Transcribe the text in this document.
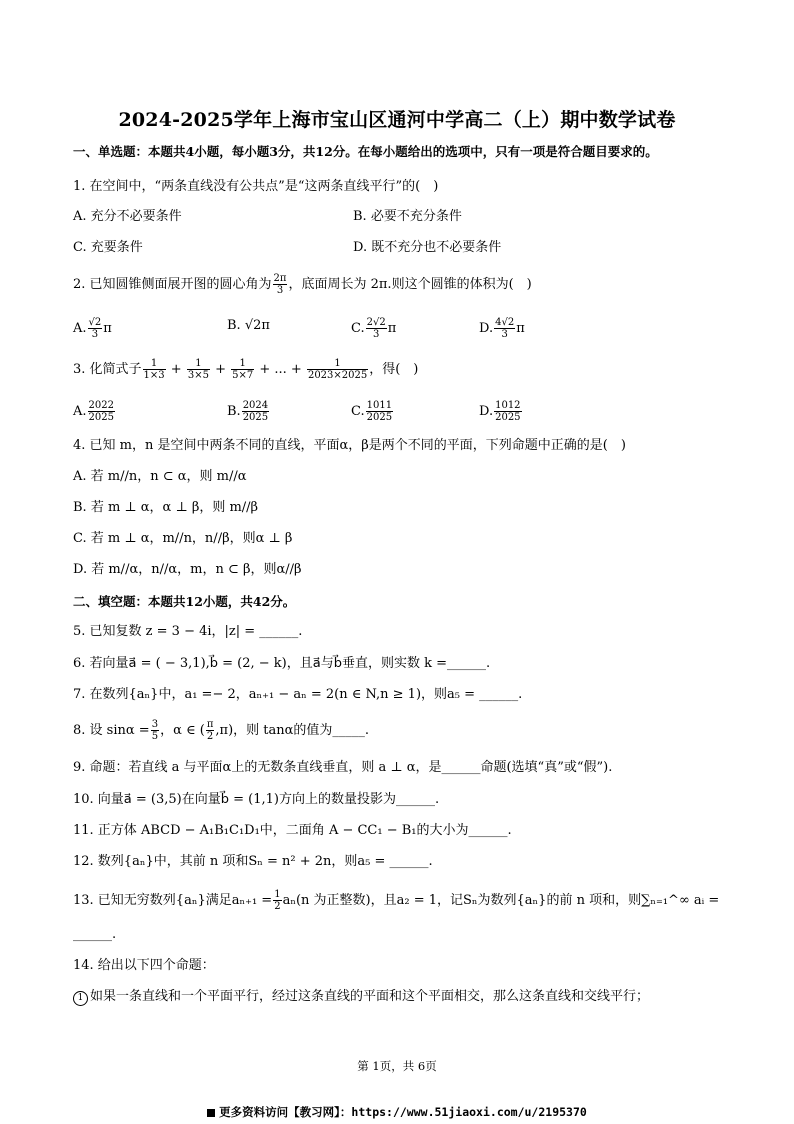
2024-2025学年上海市宝山区通河中学高二（上）期中数学试卷
一、单选题：本题共4小题，每小题3分，共12分。在每小题给出的选项中，只有一项是符合题目要求的。
1. 在空间中，“两条直线没有公共点”是“这两条直线平行”的(　)
A. 充分不必要条件	B. 必要不充分条件
C. 充要条件	D. 既不充分也不必要条件
2. 已知圆锥侧面展开图的圆心角为 $\frac{2\pi}{3}$ ，底面周长为 2π.则这个圆锥的体积为(　)
A. $\frac{√2}{3}$ π	B. √2π	C. $\frac{2√2}{3}$ π	D. $\frac{4√2}{3}$ π
3. 化简式子 $\frac{1}{1\times 3} + \frac{1}{3\times 5} + \frac{1}{5\times 7}$ + ... + $\frac{1}{2023\times 2025}$ ，得(　)
A. $\frac{2022}{2025}$	B. $\frac{2024}{2025}$	C. $\frac{1011}{2025}$	D. $\frac{1012}{2025}$
4. 已知 m，n 是空间中两条不同的直线，平面α，β是两个不同的平面，下列命题中正确的是(　)
A. 若 m//n，n ⊂ α，则 m//α
B. 若 m ⊥ α，α ⊥ β，则 m//β
C. 若 m ⊥ α，m//n，n//β，则α ⊥ β
D. 若 m//α，n//α，m，n ⊂ β，则α//β
二、填空题：本题共12小题，共42分。
5. 已知复数 z = 3 − 4i，|z| = ______.
6. 若向量a⃗ = ( − 3,1),b⃗ = (2, − k)，且a⃗与b⃗垂直，则实数 k =______.
7. 在数列{aₙ}中，a₁ =− 2，aₙ₊₁ − aₙ = 2(n ∈ N,n ≥ 1)，则a₅ = ______.
8. 设 $\sin\alpha = \frac{3}{5}$ ，α ∈ ( $\frac{\pi}{2} ,\pi$)，则 tanα的值为_____.
9. 命题：若直线 a 与平面α上的无数条直线垂直，则 a ⊥ α，是______命题(选填“真”或“假”).
10. 向量a⃗ = (3,5)在向量b⃗ = (1,1)方向上的数量投影为______.
11. 正方体 ABCD − A₁B₁C₁D₁中，二面角 A − CC₁ − B₁的大小为______.
12. 数列{aₙ}中，其前 n 项和Sₙ = n² + 2n，则a₅ = ______.
13. 已知无穷数列{aₙ}满足$a_{n+1} = \frac{1}{2} a_n(n$ 为正整数)，且a₂ = 1，记Sₙ为数列{aₙ}的前 n 项和，则∑ₙ₌₁^∞ aᵢ =
______.
14. 给出以下四个命题：
1 如果一条直线和一个平面平行，经过这条直线的平面和这个平面相交，那么这条直线和交线平行；
第 1页，共 6页
更多资料访问【教习网】：https://www.51jiaoxi.com/u/2195370
